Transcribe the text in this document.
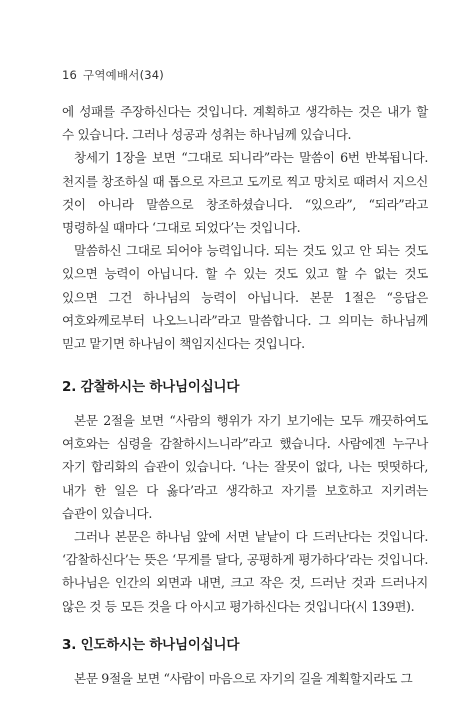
16 구역예배서(34)

에 성패를 주장하신다는 것입니다. 계획하고 생각하는 것은 내가 할 수 있습니다. 그러나 성공과 성취는 하나님께 있습니다.

창세기 1장을 보면 “그대로 되니라”라는 말씀이 6번 반복됩니다. 천지를 창조하실 때 톱으로 자르고 도끼로 찍고 망치로 때려서 지으신 것이 아니라 말씀으로 창조하셨습니다. “있으라”, “되라”라고 명령하실 때마다 ‘그대로 되었다’는 것입니다.

말씀하신 그대로 되어야 능력입니다. 되는 것도 있고 안 되는 것도 있으면 능력이 아닙니다. 할 수 있는 것도 있고 할 수 없는 것도 있으면 그건 하나님의 능력이 아닙니다. 본문 1절은 “응답은 여호와께로부터 나오느니라”라고 말씀합니다. 그 의미는 하나님께 믿고 맡기면 하나님이 책임지신다는 것입니다.

2. 감찰하시는 하나님이십니다

본문 2절을 보면 “사람의 행위가 자기 보기에는 모두 깨끗하여도 여호와는 심령을 감찰하시느니라”라고 했습니다. 사람에겐 누구나 자기 합리화의 습관이 있습니다. ‘나는 잘못이 없다, 나는 떳떳하다, 내가 한 일은 다 옳다’라고 생각하고 자기를 보호하고 지키려는 습관이 있습니다.

그러나 본문은 하나님 앞에 서면 낱낱이 다 드러난다는 것입니다. ‘감찰하신다’는 뜻은 ‘무게를 달다, 공평하게 평가하다’라는 것입니다. 하나님은 인간의 외면과 내면, 크고 작은 것, 드러난 것과 드러나지 않은 것 등 모든 것을 다 아시고 평가하신다는 것입니다(시 139편).

3. 인도하시는 하나님이십니다

본문 9절을 보면 “사람이 마음으로 자기의 길을 계획할지라도 그
